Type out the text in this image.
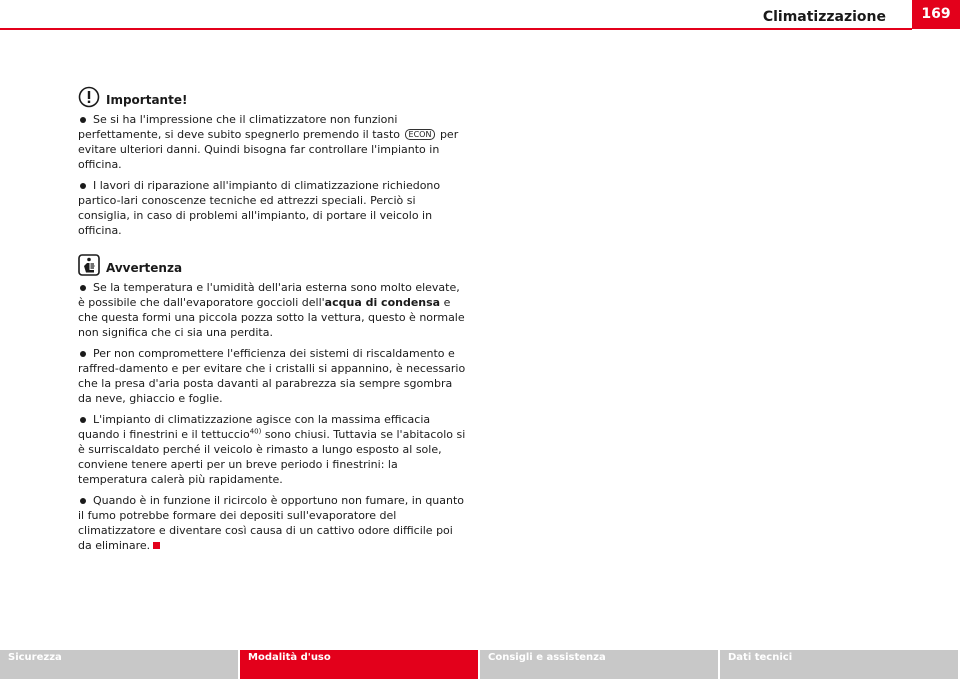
Climatizzazione	169
Importante!

Se si ha l'impressione che il climatizzatore non funzioni perfettamente, si deve subito spegnerlo premendo il tasto ECON per evitare ulteriori danni. Quindi bisogna far controllare l'impianto in officina.

I lavori di riparazione all'impianto di climatizzazione richiedono partico-lari conoscenze tecniche ed attrezzi speciali. Perciò si consiglia, in caso di problemi all'impianto, di portare il veicolo in officina.

Avvertenza

Se la temperatura e l'umidità dell'aria esterna sono molto elevate, è possibile che dall'evaporatore goccioli dell'acqua di condensa e che questa formi una piccola pozza sotto la vettura, questo è normale non significa che ci sia una perdita.

Per non compromettere l'efficienza dei sistemi di riscaldamento e raffred-damento e per evitare che i cristalli si appannino, è necessario che la presa d'aria posta davanti al parabrezza sia sempre sgombra da neve, ghiaccio e foglie.

L'impianto di climatizzazione agisce con la massima efficacia quando i finestrini e il tettuccio$^{40)}$ sono chiusi. Tuttavia se l'abitacolo si è surriscaldato perché il veicolo è rimasto a lungo esposto al sole, conviene tenere aperti per un breve periodo i finestrini: la temperatura calerà più rapidamente.

Quando è in funzione il ricircolo è opportuno non fumare, in quanto il fumo potrebbe formare dei depositi sull'evaporatore del climatizzatore e diventare così causa di un cattivo odore difficile poi da eliminare.

Sicurezza	Modalità d'uso	Consigli e assistenza	Dati tecnici
